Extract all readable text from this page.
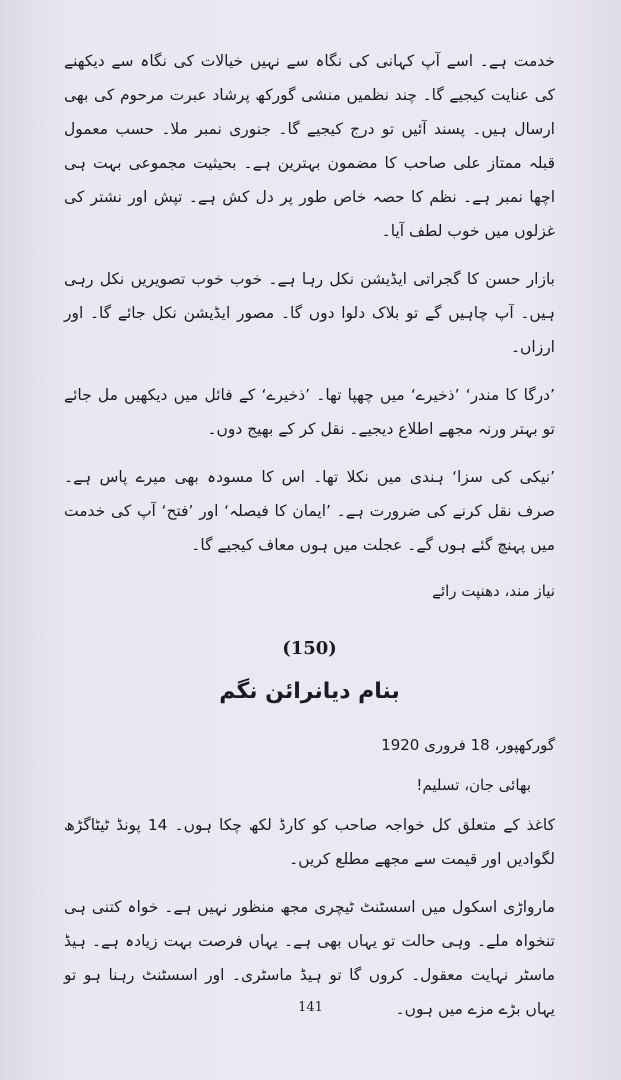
خدمت ہے۔ اسے آپ کہانی کی نگاہ سے نہیں خیالات کی نگاہ سے دیکھنے کی عنایت کیجیے گا۔ چند نظمیں منشی گورکھ پرشاد عبرت مرحوم کی بھی ارسال ہیں۔ پسند آئیں تو درج کیجیے گا۔ جنوری نمبر ملا۔ حسب معمول قبلہ ممتاز علی صاحب کا مضمون بہترین ہے۔ بحیثیت مجموعی بہت ہی اچھا نمبر ہے۔ نظم کا حصہ خاص طور پر دل کش ہے۔ تپش اور نشتر کی غزلوں میں خوب لطف آیا۔

بازار حسن کا گجراتی ایڈیشن نکل رہا ہے۔ خوب خوب تصویریں نکل رہی ہیں۔ آپ چاہیں گے تو بلاک دلوا دوں گا۔ مصور ایڈیشن نکل جائے گا۔ اور ارزاں۔

’درگا کا مندر‘ ’ذخیرے‘ میں چھپا تھا۔ ’ذخیرے‘ کے فائل میں دیکھیں مل جائے تو بہتر ورنہ مجھے اطلاع دیجیے۔ نقل کر کے بھیج دوں۔

’نیکی کی سزا‘ ہندی میں نکلا تھا۔ اس کا مسودہ بھی میرے پاس ہے۔ صرف نقل کرنے کی ضرورت ہے۔ ’ایمان کا فیصلہ‘ اور ’فتح‘ آپ کی خدمت میں پہنچ گئے ہوں گے۔ عجلت میں ہوں معاف کیجیے گا۔

نیاز مند، دھنپت رائے

(150)
بنام دیانرائن نگم

گورکھپور، 18 فروری 1920

بھائی جان، تسلیم!

کاغذ کے متعلق کل خواجہ صاحب کو کارڈ لکھ چکا ہوں۔ 14 پونڈ ٹیٹاگڑھ لگوادیں اور قیمت سے مجھے مطلع کریں۔

مارواڑی اسکول میں اسسٹنٹ ٹیچری مجھ منظور نہیں ہے۔ خواہ کتنی ہی تنخواہ ملے۔ وہی حالت تو یہاں بھی ہے۔ یہاں فرصت بہت زیادہ ہے۔ ہیڈ ماسٹر نہایت معقول۔ کروں گا تو ہیڈ ماسٹری۔ اور اسسٹنٹ رہنا ہو تو یہاں بڑے مزے میں ہوں۔

141
